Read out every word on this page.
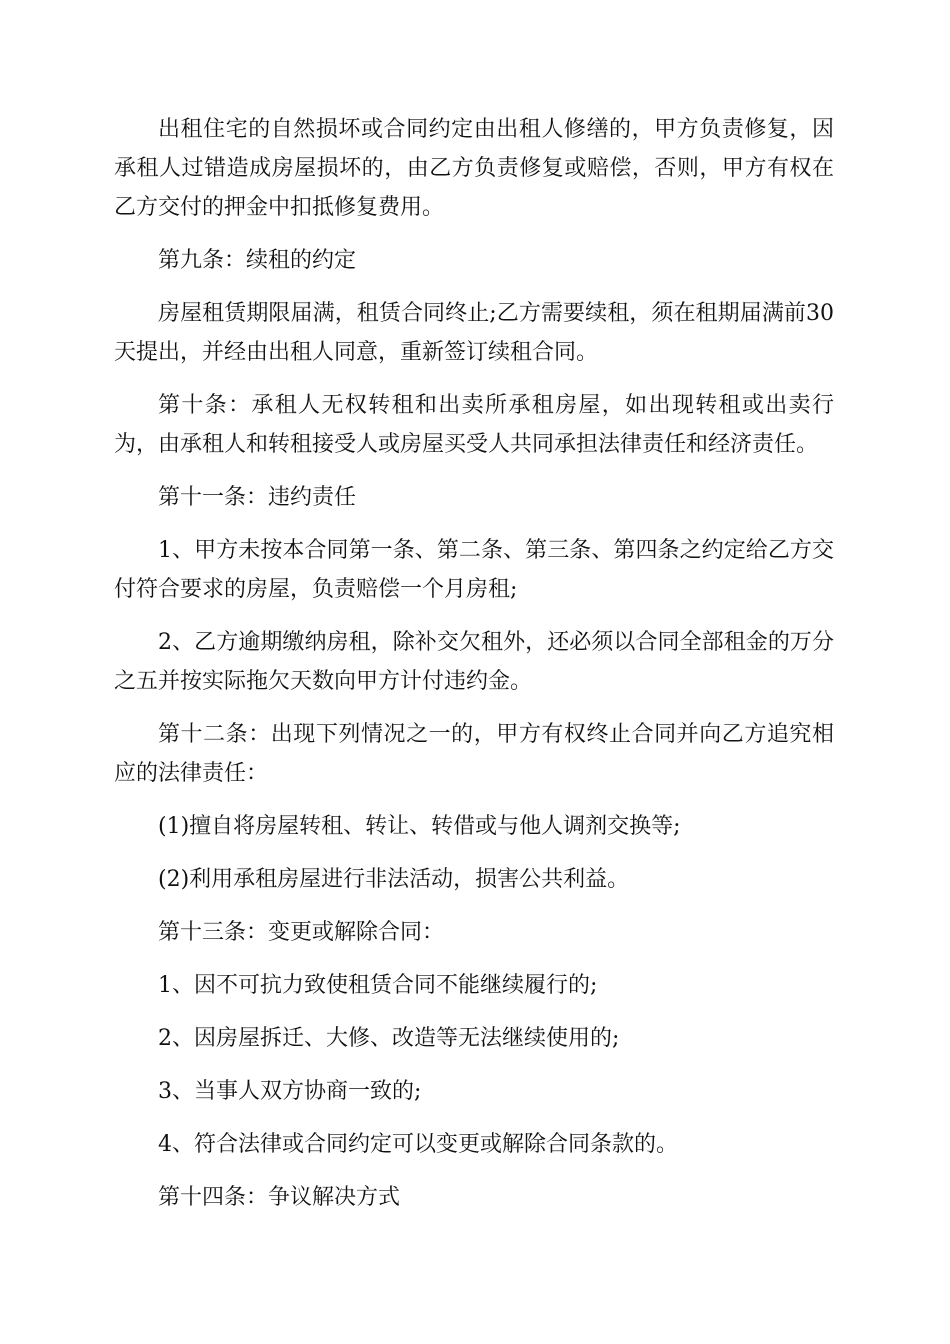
出租住宅的自然损坏或合同约定由出租人修缮的，甲方负责修复，因承租人过错造成房屋损坏的，由乙方负责修复或赔偿，否则，甲方有权在乙方交付的押金中扣抵修复费用。

第九条：续租的约定

房屋租赁期限届满，租赁合同终止;乙方需要续租，须在租期届满前30天提出，并经由出租人同意，重新签订续租合同。

第十条：承租人无权转租和出卖所承租房屋，如出现转租或出卖行为，由承租人和转租接受人或房屋买受人共同承担法律责任和经济责任。

第十一条：违约责任

1、甲方未按本合同第一条、第二条、第三条、第四条之约定给乙方交付符合要求的房屋，负责赔偿一个月房租;

2、乙方逾期缴纳房租，除补交欠租外，还必须以合同全部租金的万分之五并按实际拖欠天数向甲方计付违约金。

第十二条：出现下列情况之一的，甲方有权终止合同并向乙方追究相应的法律责任：

(1)擅自将房屋转租、转让、转借或与他人调剂交换等;

(2)利用承租房屋进行非法活动，损害公共利益。

第十三条：变更或解除合同：

1、因不可抗力致使租赁合同不能继续履行的;

2、因房屋拆迁、大修、改造等无法继续使用的;

3、当事人双方协商一致的;

4、符合法律或合同约定可以变更或解除合同条款的。

第十四条：争议解决方式
